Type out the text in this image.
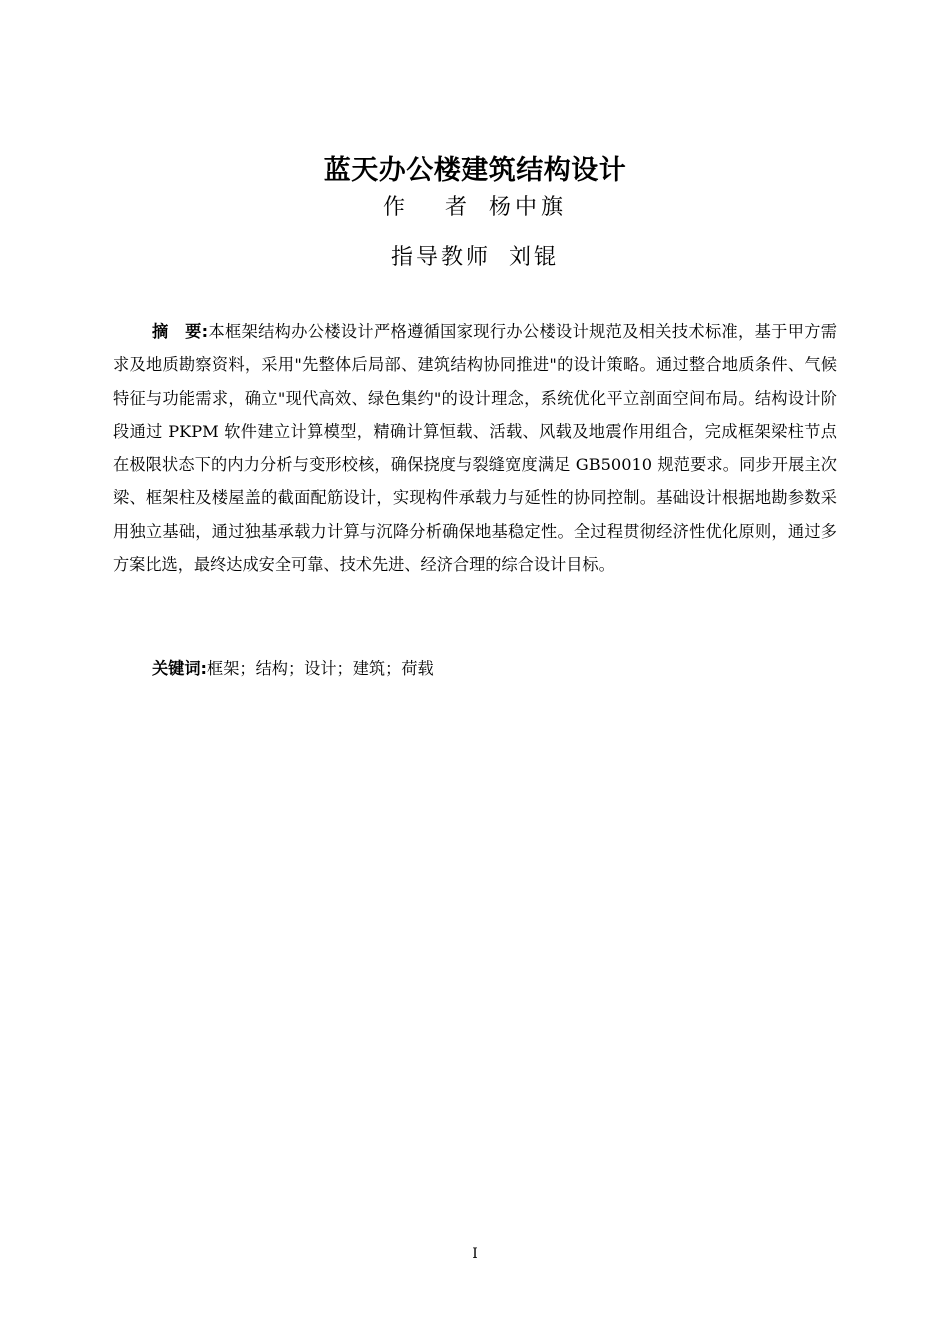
蓝天办公楼建筑结构设计
作 者 杨中旗
指导教师 刘锟

摘　要:本框架结构办公楼设计严格遵循国家现行办公楼设计规范及相关技术标准，基于甲方需求及地质勘察资料，采用"先整体后局部、建筑结构协同推进"的设计策略。通过整合地质条件、气候特征与功能需求，确立"现代高效、绿色集约"的设计理念，系统优化平立剖面空间布局。结构设计阶段通过 PKPM 软件建立计算模型，精确计算恒载、活载、风载及地震作用组合，完成框架梁柱节点在极限状态下的内力分析与变形校核，确保挠度与裂缝宽度满足 GB50010 规范要求。同步开展主次梁、框架柱及楼屋盖的截面配筋设计，实现构件承载力与延性的协同控制。基础设计根据地勘参数采用独立基础，通过独基承载力计算与沉降分析确保地基稳定性。全过程贯彻经济性优化原则，通过多方案比选，最终达成安全可靠、技术先进、经济合理的综合设计目标。

关键词:框架；结构；设计；建筑；荷载

I
